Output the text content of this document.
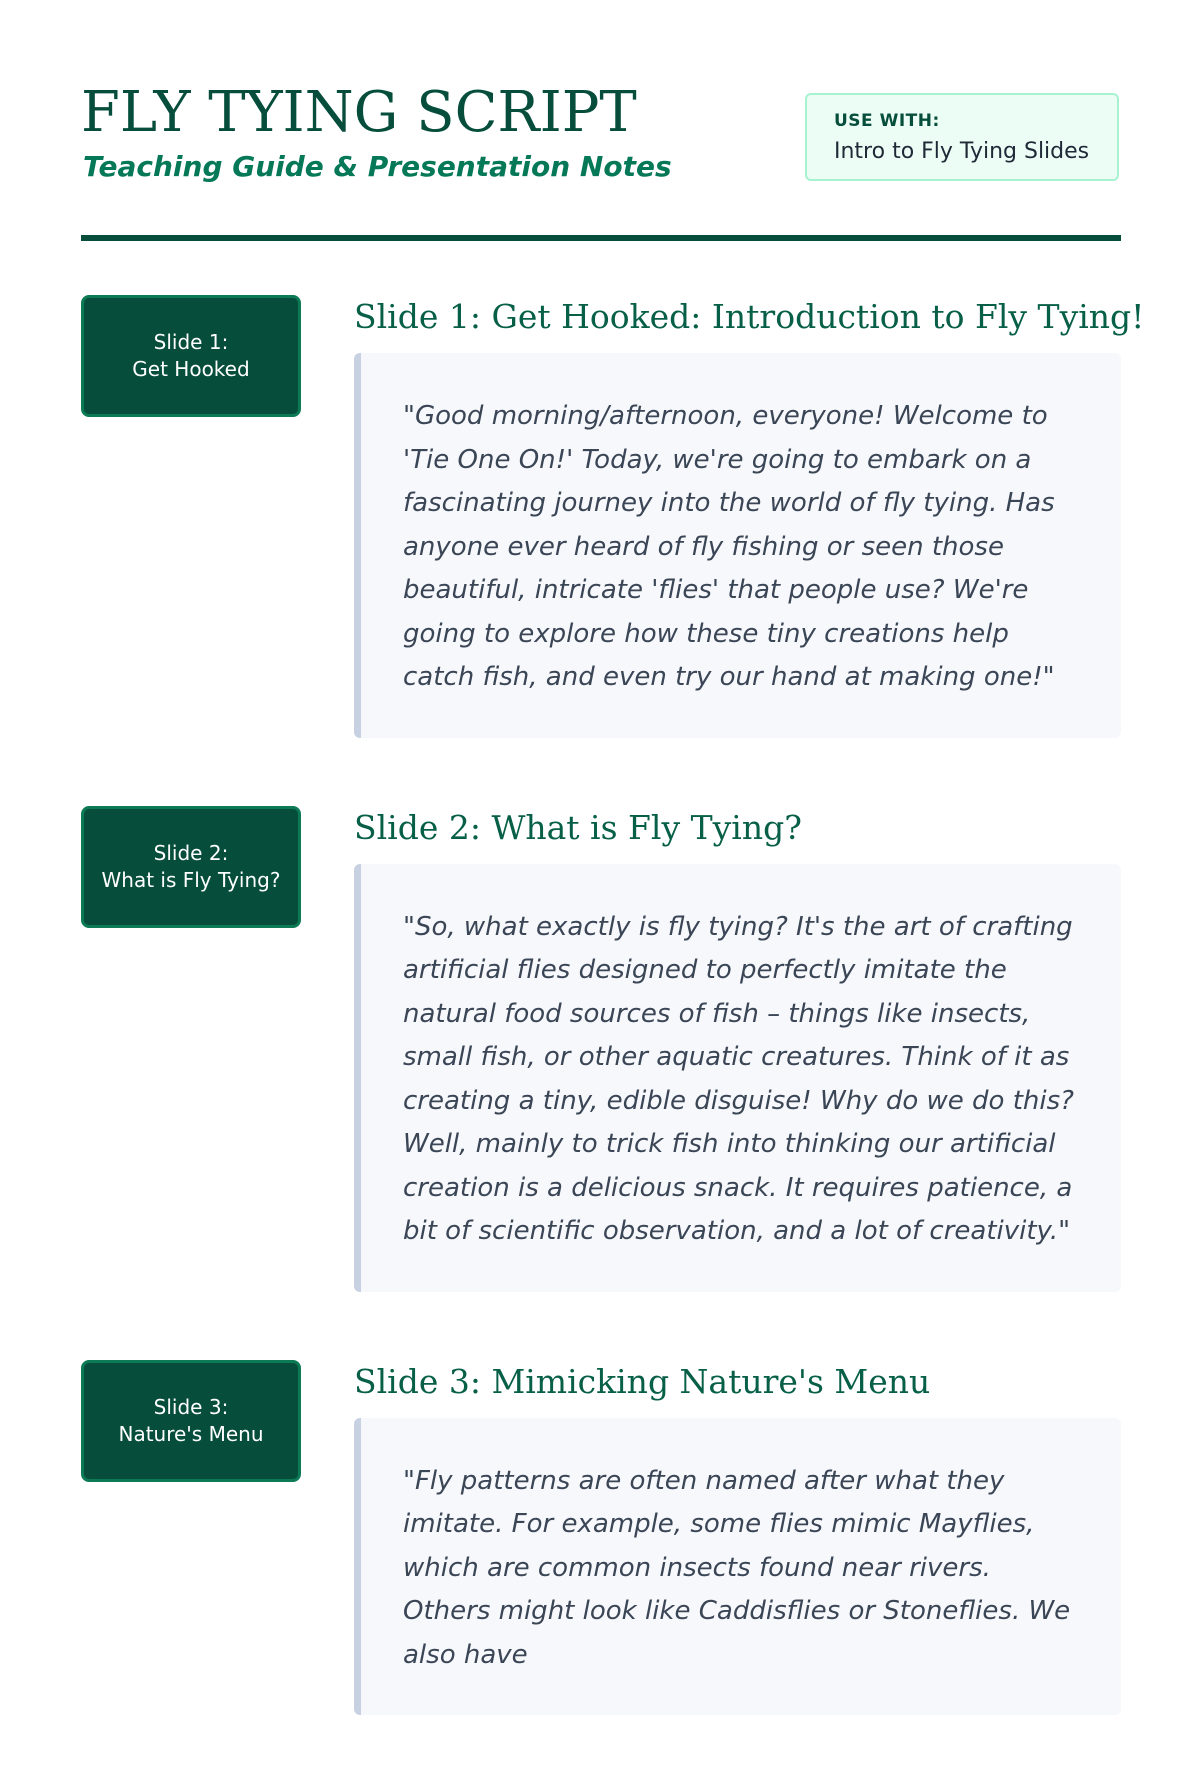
FLY TYING SCRIPT

Teaching Guide & Presentation Notes

USE WITH:
Intro to Fly Tying Slides
Slide 1:
Get Hooked
Slide 1: Get Hooked: Introduction to Fly Tying!

"Good morning/afternoon, everyone! Welcome to 'Tie One On!' Today, we're going to embark on a fascinating journey into the world of fly tying. Has anyone ever heard of fly fishing or seen those beautiful, intricate 'flies' that people use? We're going to explore how these tiny creations help catch fish, and even try our hand at making one!"

Slide 2:
What is Fly Tying?
Slide 2: What is Fly Tying?

"So, what exactly is fly tying? It's the art of crafting artificial flies designed to perfectly imitate the natural food sources of fish – things like insects, small fish, or other aquatic creatures. Think of it as creating a tiny, edible disguise! Why do we do this? Well, mainly to trick fish into thinking our artificial creation is a delicious snack. It requires patience, a bit of scientific observation, and a lot of creativity."

Slide 3:
Nature's Menu
Slide 3: Mimicking Nature's Menu

"Fly patterns are often named after what they imitate. For example, some flies mimic Mayflies, which are common insects found near rivers. Others might look like Caddisflies or Stoneflies. We also have
